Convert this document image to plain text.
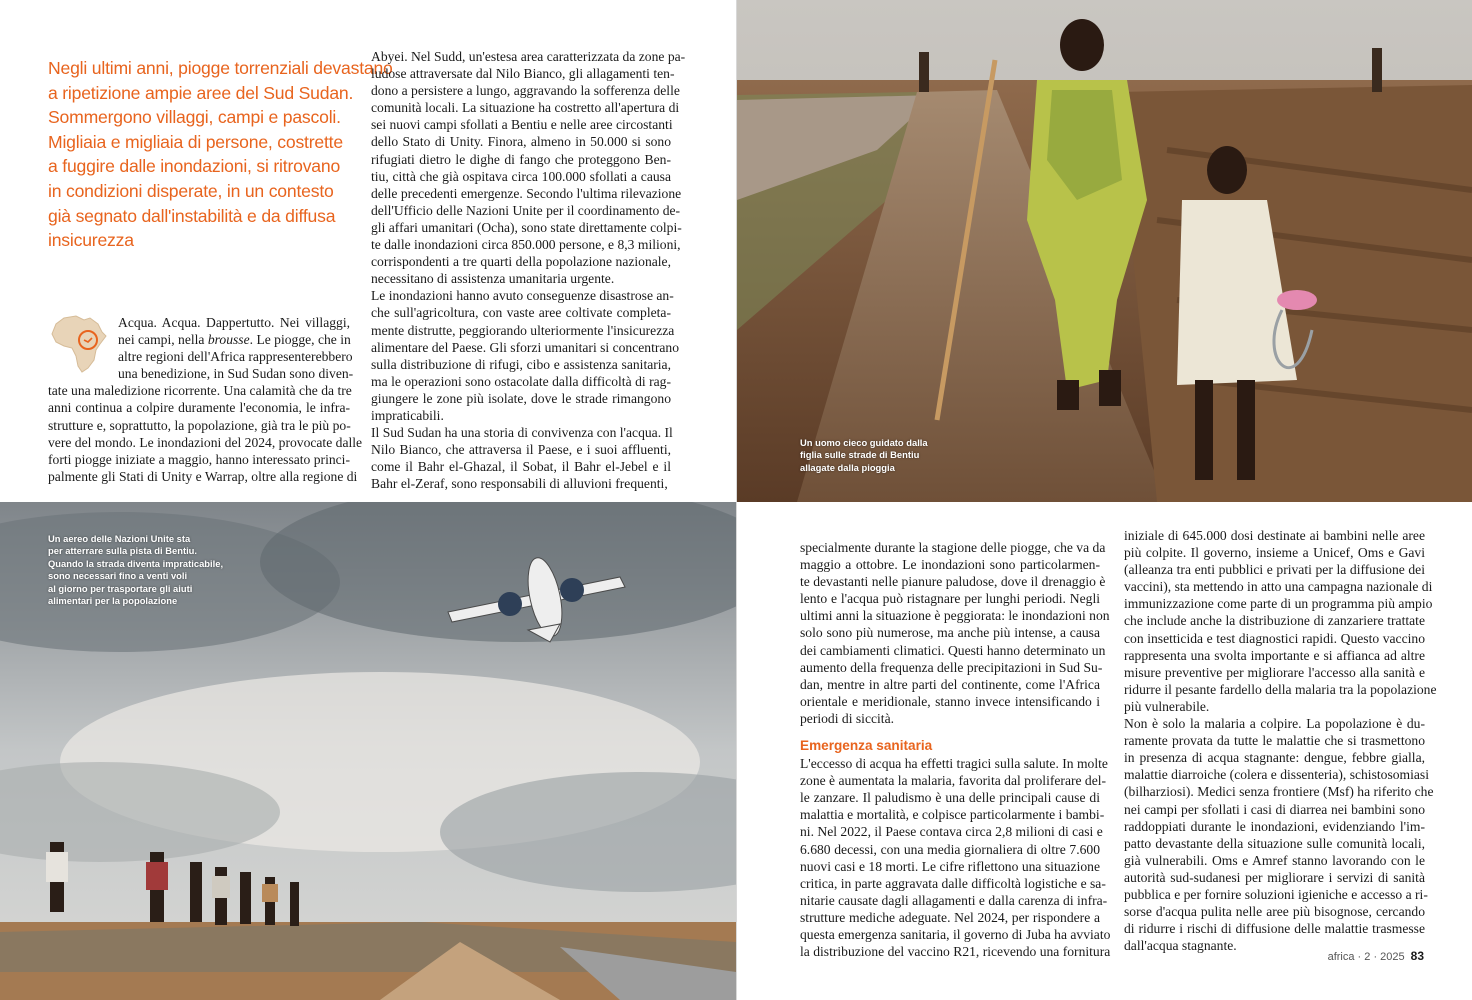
Negli ultimi anni, piogge torrenziali devastano
a ripetizione ampie aree del Sud Sudan.
Sommergono villaggi, campi e pascoli.
Migliaia e migliaia di persone, costrette
a fuggire dalle inondazioni, si ritrovano
in condizioni disperate, in un contesto
già segnato dall'instabilità e da diffusa
insicurezza
Acqua. Acqua. Dappertutto. Nei villaggi,
nei campi, nella brousse. Le piogge, che in
altre regioni dell'Africa rappresenterebbero
una benedizione, in Sud Sudan sono diven-
tate una maledizione ricorrente. Una calamità che da tre
anni continua a colpire duramente l'economia, le infra-
strutture e, soprattutto, la popolazione, già tra le più po-
vere del mondo. Le inondazioni del 2024, provocate dalle
forti piogge iniziate a maggio, hanno interessato princi-
palmente gli Stati di Unity e Warrap, oltre alla regione di
Abyei. Nel Sudd, un'estesa area caratterizzata da zone pa-
ludose attraversate dal Nilo Bianco, gli allagamenti ten-
dono a persistere a lungo, aggravando la sofferenza delle
comunità locali. La situazione ha costretto all'apertura di
sei nuovi campi sfollati a Bentiu e nelle aree circostanti
dello Stato di Unity. Finora, almeno in 50.000 si sono
rifugiati dietro le dighe di fango che proteggono Ben-
tiu, città che già ospitava circa 100.000 sfollati a causa
delle precedenti emergenze. Secondo l'ultima rilevazione
dell'Ufficio delle Nazioni Unite per il coordinamento de-
gli affari umanitari (Ocha), sono state direttamente colpi-
te dalle inondazioni circa 850.000 persone, e 8,3 milioni,
corrispondenti a tre quarti della popolazione nazionale,
necessitano di assistenza umanitaria urgente.
Le inondazioni hanno avuto conseguenze disastrose an-
che sull'agricoltura, con vaste aree coltivate completa-
mente distrutte, peggiorando ulteriormente l'insicurezza
alimentare del Paese. Gli sforzi umanitari si concentrano
sulla distribuzione di rifugi, cibo e assistenza sanitaria,
ma le operazioni sono ostacolate dalla difficoltà di rag-
giungere le zone più isolate, dove le strade rimangono
impraticabili.
Il Sud Sudan ha una storia di convivenza con l'acqua. Il
Nilo Bianco, che attraversa il Paese, e i suoi affluenti,
come il Bahr el-Ghazal, il Sobat, il Bahr el-Jebel e il
Bahr el-Zeraf, sono responsabili di alluvioni frequenti,
Un uomo cieco guidato dalla
figlia sulle strade di Bentiu
allagate dalla pioggia
Un aereo delle Nazioni Unite sta
per atterrare sulla pista di Bentiu.
Quando la strada diventa impraticabile,
sono necessari fino a venti voli
al giorno per trasportare gli aiuti
alimentari per la popolazione
specialmente durante la stagione delle piogge, che va da
maggio a ottobre. Le inondazioni sono particolarmen-
te devastanti nelle pianure paludose, dove il drenaggio è
lento e l'acqua può ristagnare per lunghi periodi. Negli
ultimi anni la situazione è peggiorata: le inondazioni non
solo sono più numerose, ma anche più intense, a causa
dei cambiamenti climatici. Questi hanno determinato un
aumento della frequenza delle precipitazioni in Sud Su-
dan, mentre in altre parti del continente, come l'Africa
orientale e meridionale, stanno invece intensificando i
periodi di siccità.
Emergenza sanitaria
L'eccesso di acqua ha effetti tragici sulla salute. In molte
zone è aumentata la malaria, favorita dal proliferare del-
le zanzare. Il paludismo è una delle principali cause di
malattia e mortalità, e colpisce particolarmente i bambi-
ni. Nel 2022, il Paese contava circa 2,8 milioni di casi e
6.680 decessi, con una media giornaliera di oltre 7.600
nuovi casi e 18 morti. Le cifre riflettono una situazione
critica, in parte aggravata dalle difficoltà logistiche e sa-
nitarie causate dagli allagamenti e dalla carenza di infra-
strutture mediche adeguate. Nel 2024, per rispondere a
questa emergenza sanitaria, il governo di Juba ha avviato
la distribuzione del vaccino R21, ricevendo una fornitura
iniziale di 645.000 dosi destinate ai bambini nelle aree
più colpite. Il governo, insieme a Unicef, Oms e Gavi
(alleanza tra enti pubblici e privati per la diffusione dei
vaccini), sta mettendo in atto una campagna nazionale di
immunizzazione come parte di un programma più ampio
che include anche la distribuzione di zanzariere trattate
con insetticida e test diagnostici rapidi. Questo vaccino
rappresenta una svolta importante e si affianca ad altre
misure preventive per migliorare l'accesso alla sanità e
ridurre il pesante fardello della malaria tra la popolazione
più vulnerabile.
Non è solo la malaria a colpire. La popolazione è du-
ramente provata da tutte le malattie che si trasmettono
in presenza di acqua stagnante: dengue, febbre gialla,
malattie diarroiche (colera e dissenteria), schistosomiasi
(bilharziosi). Medici senza frontiere (Msf) ha riferito che
nei campi per sfollati i casi di diarrea nei bambini sono
raddoppiati durante le inondazioni, evidenziando l'im-
patto devastante della situazione sulle comunità locali,
già vulnerabili. Oms e Amref stanno lavorando con le
autorità sud-sudanesi per migliorare i servizi di sanità
pubblica e per fornire soluzioni igieniche e accesso a ri-
sorse d'acqua pulita nelle aree più bisognose, cercando
di ridurre i rischi di diffusione delle malattie trasmesse
dall'acqua stagnante.
africa · 2 · 2025 83
